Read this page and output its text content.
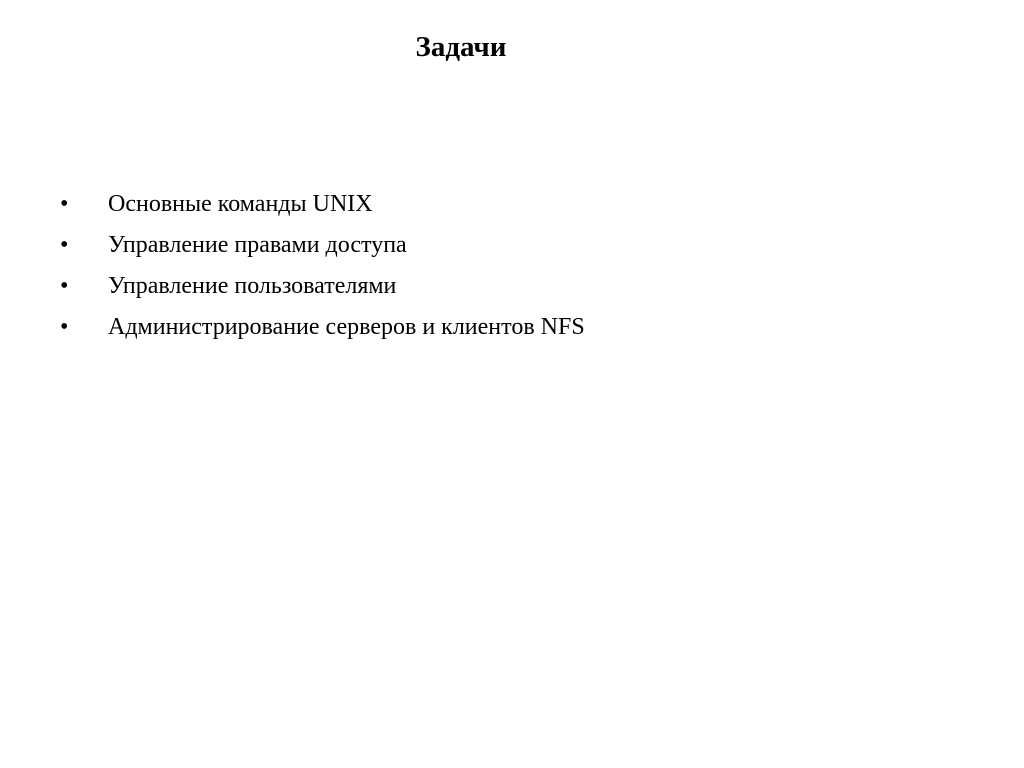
Задачи
• Основные команды UNIX
• Управление правами доступа
• Управление пользователями
• Администрирование серверов и клиентов NFS
